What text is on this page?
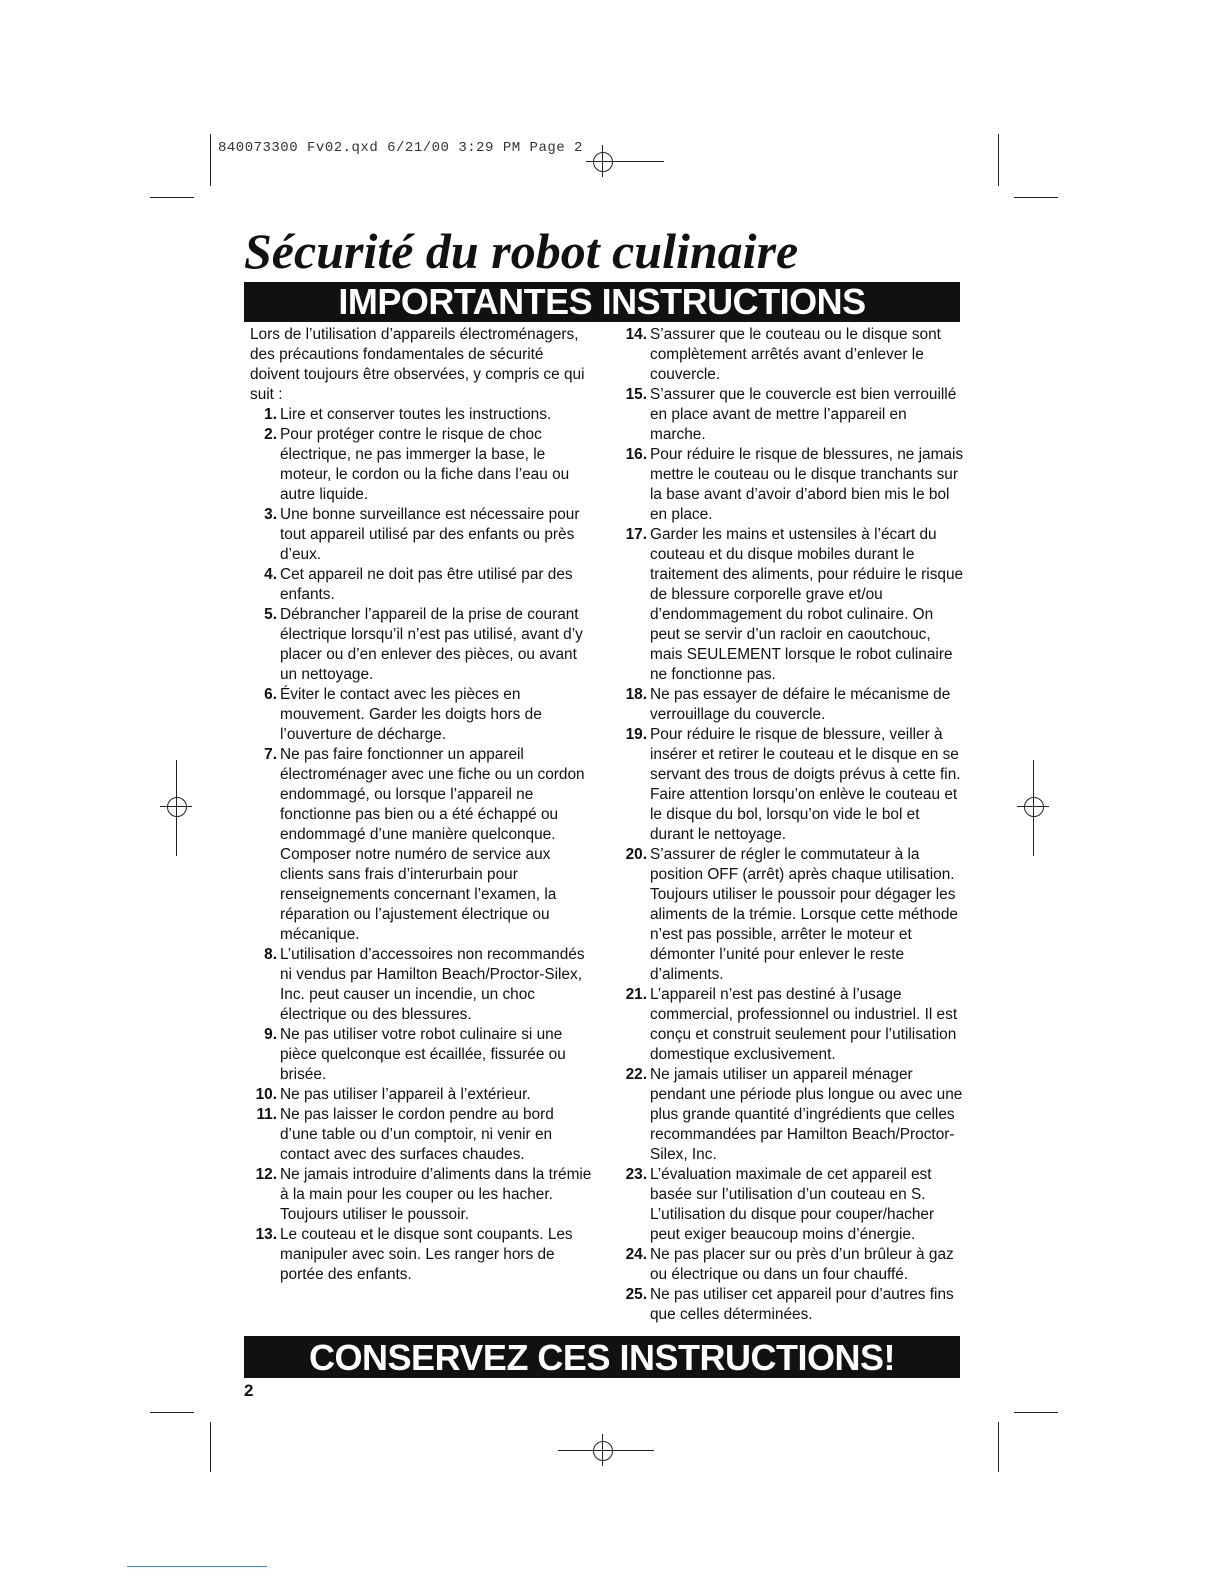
840073300 Fv02.qxd 6/21/00 3:29 PM Page 2
Sécurité du robot culinaire
IMPORTANTES INSTRUCTIONS

Lors de l’utilisation d’appareils électroménagers, des précautions fondamentales de sécurité doivent toujours être observées, y compris ce qui suit :

1. Lire et conserver toutes les instructions.
2. Pour protéger contre le risque de choc électrique, ne pas immerger la base, le moteur, le cordon ou la fiche dans l’eau ou autre liquide.
3. Une bonne surveillance est nécessaire pour tout appareil utilisé par des enfants ou près d’eux.
4. Cet appareil ne doit pas être utilisé par des enfants.
5. Débrancher l’appareil de la prise de courant électrique lorsqu’il n’est pas utilisé, avant d’y placer ou d’en enlever des pièces, ou avant un nettoyage.
6. Éviter le contact avec les pièces en mouvement. Garder les doigts hors de l’ouverture de décharge.
7. Ne pas faire fonctionner un appareil électroménager avec une fiche ou un cordon endommagé, ou lorsque l’appareil ne fonctionne pas bien ou a été échappé ou endommagé d’une manière quelconque. Composer notre numéro de service aux clients sans frais d’interurbain pour renseignements concernant l’examen, la réparation ou l’ajustement électrique ou mécanique.
8. L’utilisation d’accessoires non recommandés ni vendus par Hamilton Beach/Proctor-Silex, Inc. peut causer un incendie, un choc électrique ou des blessures.
9. Ne pas utiliser votre robot culinaire si une pièce quelconque est écaillée, fissurée ou brisée.
10. Ne pas utiliser l’appareil à l’extérieur.
11. Ne pas laisser le cordon pendre au bord d’une table ou d’un comptoir, ni venir en contact avec des surfaces chaudes.
12. Ne jamais introduire d’aliments dans la trémie à la main pour les couper ou les hacher. Toujours utiliser le poussoir.
13. Le couteau et le disque sont coupants. Les manipuler avec soin. Les ranger hors de portée des enfants.
14. S’assurer que le couteau ou le disque sont complètement arrêtés avant d’enlever le couvercle.
15. S’assurer que le couvercle est bien verrouillé en place avant de mettre l’appareil en marche.
16. Pour réduire le risque de blessures, ne jamais mettre le couteau ou le disque tranchants sur la base avant d’avoir d’abord bien mis le bol en place.
17. Garder les mains et ustensiles à l’écart du couteau et du disque mobiles durant le traitement des aliments, pour réduire le risque de blessure corporelle grave et/ou d’endommagement du robot culinaire. On peut se servir d’un racloir en caoutchouc, mais SEULEMENT lorsque le robot culinaire ne fonctionne pas.
18. Ne pas essayer de défaire le mécanisme de verrouillage du couvercle.
19. Pour réduire le risque de blessure, veiller à insérer et retirer le couteau et le disque en se servant des trous de doigts prévus à cette fin. Faire attention lorsqu’on enlève le couteau et le disque du bol, lorsqu’on vide le bol et durant le nettoyage.
20. S’assurer de régler le commutateur à la position OFF (arrêt) après chaque utilisation. Toujours utiliser le poussoir pour dégager les aliments de la trémie. Lorsque cette méthode n’est pas possible, arrêter le moteur et démonter l’unité pour enlever le reste d’aliments.
21. L’appareil n’est pas destiné à l’usage commercial, professionnel ou industriel. Il est conçu et construit seulement pour l’utilisation domestique exclusivement.
22. Ne jamais utiliser un appareil ménager pendant une période plus longue ou avec une plus grande quantité d’ingrédients que celles recommandées par Hamilton Beach/Proctor-Silex, Inc.
23. L’évaluation maximale de cet appareil est basée sur l’utilisation d’un couteau en S. L’utilisation du disque pour couper/hacher peut exiger beaucoup moins d’énergie.
24. Ne pas placer sur ou près d’un brûleur à gaz ou électrique ou dans un four chauffé.
25. Ne pas utiliser cet appareil pour d’autres fins que celles déterminées.
CONSERVEZ CES INSTRUCTIONS!
2
